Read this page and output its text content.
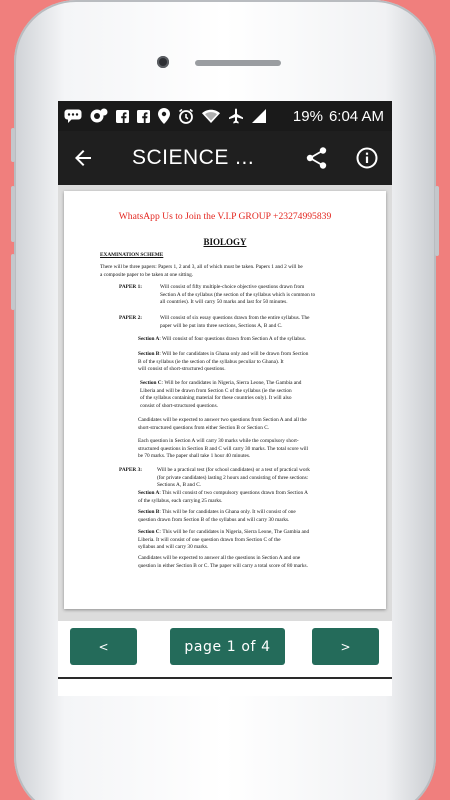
19% 6:04 AM
SCIENCE ...
WhatsApp Us to Join the V.I.P GROUP +23274995839
BIOLOGY
EXAMINATION SCHEME
There will be three papers: Papers 1, 2 and 3, all of which must be taken. Papers 1 and 2 will be
a composite paper to be taken at one sitting.
PAPER 1:	Will consist of fifty multiple-choice objective questions drawn from
Section A of the syllabus (the section of the syllabus which is common to
all countries). It will carry 50 marks and last for 50 minutes.
PAPER 2:	Will consist of six essay questions drawn from the entire syllabus. The
paper will be put into three sections, Sections A, B and C.
Section A: Will consist of four questions drawn from Section A of the syllabus.
Section B: Will be for candidates in Ghana only and will be drawn from Section
B of the syllabus (ie the section of the syllabus peculiar to Ghana). It
will consist of short-structured questions.
Section C: Will be for candidates in Nigeria, Sierra Leone, The Gambia and
Liberia and will be drawn from Section C of the syllabus (ie the section
of the syllabus containing material for these countries only). It will also
consist of short-structured questions.
Candidates will be expected to answer two questions from Section A and all the
short-structured questions from either Section B or Section C.
Each question in Section A will carry 30 marks while the compulsory short-
structured questions in Section B and C will carry 30 marks. The total score will
be 70 marks. The paper shall take 1 hour 40 minutes.
PAPER 3:	Will be a practical test (for school candidates) or a test of practical work
(for private candidates) lasting 2 hours and consisting of three sections:
Sections A, B and C.
Section A: This will consist of two compulsory questions drawn from Section A
of the syllabus, each carrying 25 marks.
Section B: This will be for candidates in Ghana only. It will consist of one
question drawn from Section B of the syllabus and will carry 30 marks.
Section C: This will be for candidates in Nigeria, Sierra Leone, The Gambia and
Liberia. It will consist of one question drawn from Section C of the
syllabus and will carry 30 marks.
Candidates will be expected to answer all the questions in Section A and one
question in either Section B or C. The paper will carry a total score of 80 marks.
<	page 1 of 4	>
